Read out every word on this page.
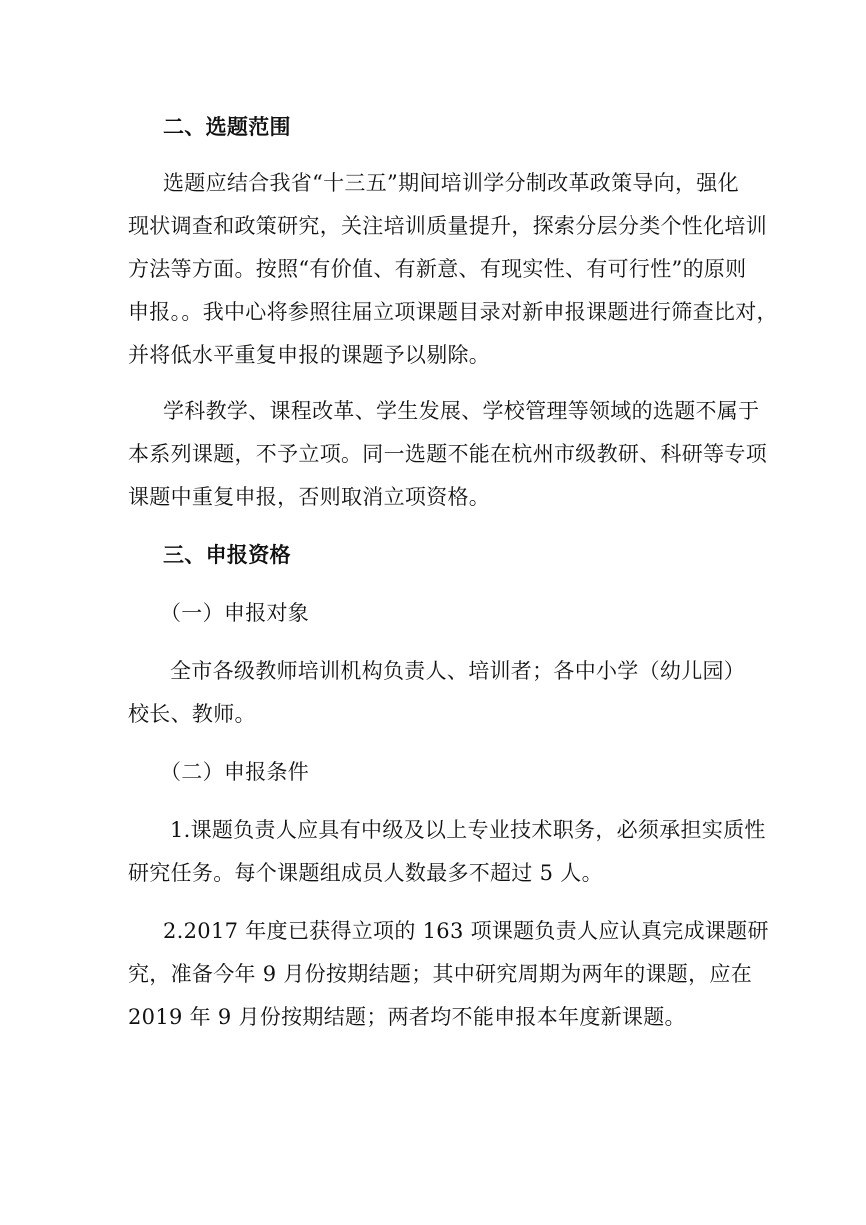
二、选题范围
选题应结合我省“十三五”期间培训学分制改革政策导向，强化
现状调查和政策研究，关注培训质量提升，探索分层分类个性化培训
方法等方面。按照“有价值、有新意、有现实性、有可行性”的原则
申报。。我中心将参照往届立项课题目录对新申报课题进行筛查比对，
并将低水平重复申报的课题予以剔除。
学科教学、课程改革、学生发展、学校管理等领域的选题不属于
本系列课题，不予立项。同一选题不能在杭州市级教研、科研等专项
课题中重复申报，否则取消立项资格。
三、申报资格
（一）申报对象
全市各级教师培训机构负责人、培训者；各中小学（幼儿园）
校长、教师。
（二）申报条件
1.课题负责人应具有中级及以上专业技术职务，必须承担实质性
研究任务。每个课题组成员人数最多不超过 5 人。
2.2017 年度已获得立项的 163 项课题负责人应认真完成课题研
究，准备今年 9 月份按期结题；其中研究周期为两年的课题，应在
2019 年 9 月份按期结题；两者均不能申报本年度新课题。
